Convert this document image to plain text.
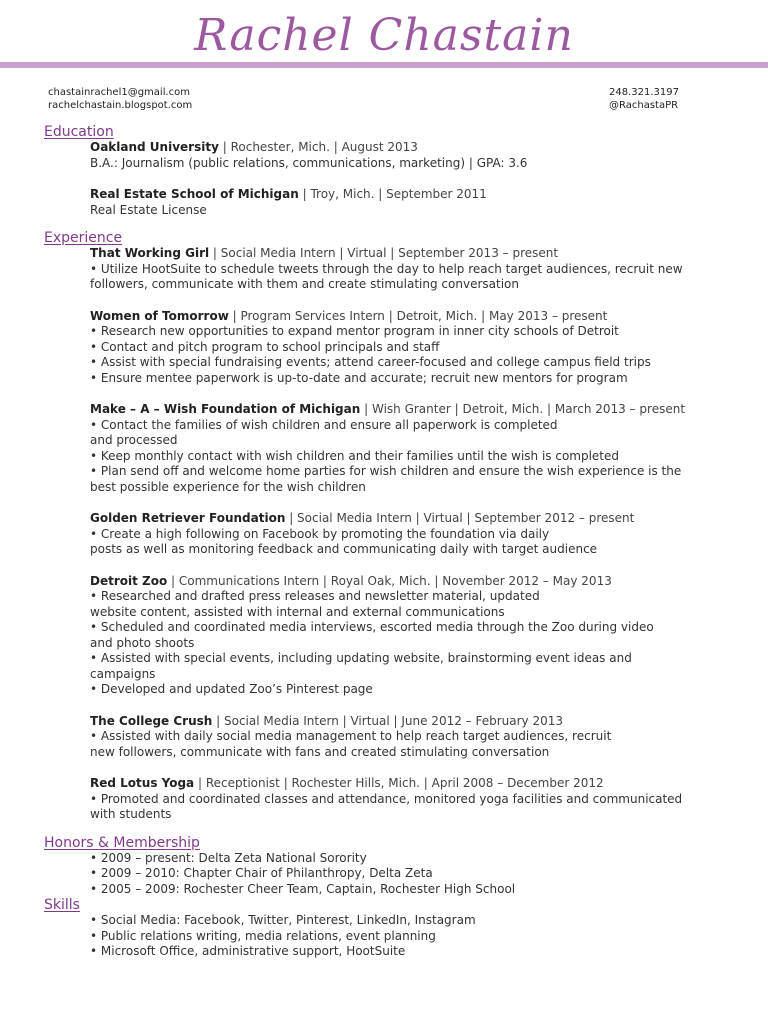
Rachel Chastain
chastainrachel1@gmail.com
rachelchastain.blogspot.com
248.321.3197
@RachastaPR
Education
Oakland University | Rochester, Mich. | August 2013
B.A.: Journalism (public relations, communications, marketing) | GPA: 3.6
Real Estate School of Michigan | Troy, Mich. | September 2011
Real Estate License
Experience
That Working Girl | Social Media Intern | Virtual | September 2013 – present
• Utilize HootSuite to schedule tweets through the day to help reach target audiences, recruit new
followers, communicate with them and create stimulating conversation
Women of Tomorrow | Program Services Intern | Detroit, Mich. | May 2013 – present
• Research new opportunities to expand mentor program in inner city schools of Detroit
• Contact and pitch program to school principals and staff
• Assist with special fundraising events; attend career-focused and college campus field trips
• Ensure mentee paperwork is up-to-date and accurate; recruit new mentors for program
Make – A – Wish Foundation of Michigan | Wish Granter | Detroit, Mich. | March 2013 – present
• Contact the families of wish children and ensure all paperwork is completed
and processed
• Keep monthly contact with wish children and their families until the wish is completed
• Plan send off and welcome home parties for wish children and ensure the wish experience is the
best possible experience for the wish children
Golden Retriever Foundation | Social Media Intern | Virtual | September 2012 – present
• Create a high following on Facebook by promoting the foundation via daily
posts as well as monitoring feedback and communicating daily with target audience
Detroit Zoo | Communications Intern | Royal Oak, Mich. | November 2012 – May 2013
• Researched and drafted press releases and newsletter material, updated
website content, assisted with internal and external communications
• Scheduled and coordinated media interviews, escorted media through the Zoo during video
and photo shoots
• Assisted with special events, including updating website, brainstorming event ideas and
campaigns
• Developed and updated Zoo’s Pinterest page
The College Crush | Social Media Intern | Virtual | June 2012 – February 2013
• Assisted with daily social media management to help reach target audiences, recruit
new followers, communicate with fans and created stimulating conversation
Red Lotus Yoga | Receptionist | Rochester Hills, Mich. | April 2008 – December 2012
• Promoted and coordinated classes and attendance, monitored yoga facilities and communicated
with students
Honors & Membership
• 2009 – present: Delta Zeta National Sorority
• 2009 – 2010: Chapter Chair of Philanthropy, Delta Zeta
• 2005 – 2009: Rochester Cheer Team, Captain, Rochester High School
Skills
• Social Media: Facebook, Twitter, Pinterest, LinkedIn, Instagram
• Public relations writing, media relations, event planning
• Microsoft Office, administrative support, HootSuite
